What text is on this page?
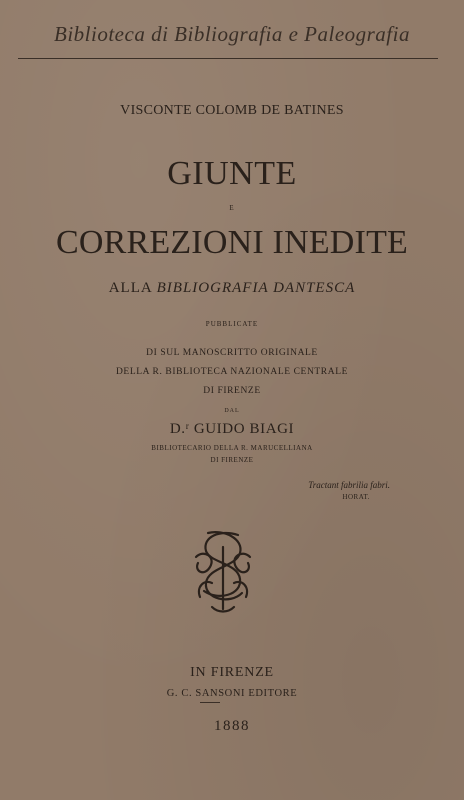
Biblioteca di Bibliografia e Paleografia
VISCONTE COLOMB DE BATINES
GIUNTE
E
CORREZIONI INEDITE
ALLA BIBLIOGRAFIA DANTESCA
PUBBLICATE
DI SUL MANOSCRITTO ORIGINALE
DELLA R. BIBLIOTECA NAZIONALE CENTRALE
DI FIRENZE
DAL
D.ʳ GUIDO BIAGI
BIBLIOTECARIO DELLA R. MARUCELLIANA
DI FIRENZE
Tractant fabrilia fabri.
HORAT.
IN FIRENZE
G. C. SANSONI EDITORE
1888
